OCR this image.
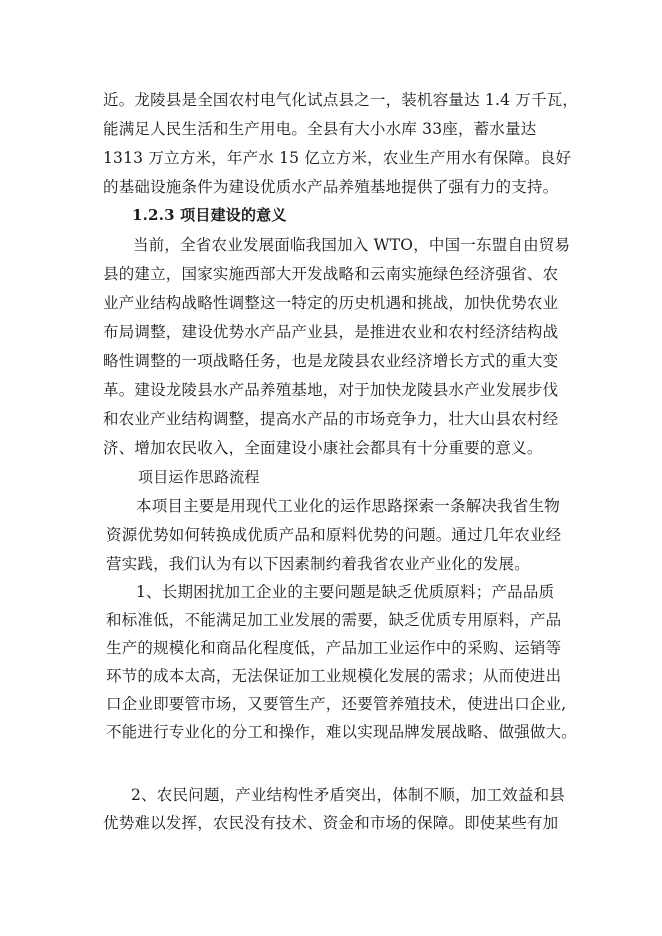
近。龙陵县是全国农村电气化试点县之一，装机容量达 1.4 万千瓦，
能满足人民生活和生产用电。全县有大小水库 33座，蓄水量达
1313 万立方米，年产水 15 亿立方米，农业生产用水有保障。良好
的基础设施条件为建设优质水产品养殖基地提供了强有力的支持。
1.2.3 项目建设的意义
当前，全省农业发展面临我国加入 WTO，中国一东盟自由贸易
县的建立，国家实施西部大开发战略和云南实施绿色经济强省、农
业产业结构战略性调整这一特定的历史机遇和挑战，加快优势农业
布局调整，建设优势水产品产业县，是推进农业和农村经济结构战
略性调整的一项战略任务，也是龙陵县农业经济增长方式的重大变
革。建设龙陵县水产品养殖基地，对于加快龙陵县水产业发展步伐
和农业产业结构调整，提高水产品的市场竞争力，壮大山县农村经
济、增加农民收入，全面建设小康社会都具有十分重要的意义。
项目运作思路流程
本项目主要是用现代工业化的运作思路探索一条解决我省生物
资源优势如何转换成优质产品和原料优势的问题。通过几年农业经
营实践，我们认为有以下因素制约着我省农业产业化的发展。
1、长期困扰加工企业的主要问题是缺乏优质原料；产品品质
和标准低，不能满足加工业发展的需要，缺乏优质专用原料，产品
生产的规模化和商品化程度低，产品加工业运作中的采购、运销等
环节的成本太高，无法保证加工业规模化发展的需求；从而使进出
口企业即要管市场，又要管生产，还要管养殖技术，使进出口企业,
不能进行专业化的分工和操作，难以实现品牌发展战略、做强做大。
2、农民问题，产业结构性矛盾突出，体制不顺，加工效益和县
优势难以发挥，农民没有技术、资金和市场的保障。即使某些有加
